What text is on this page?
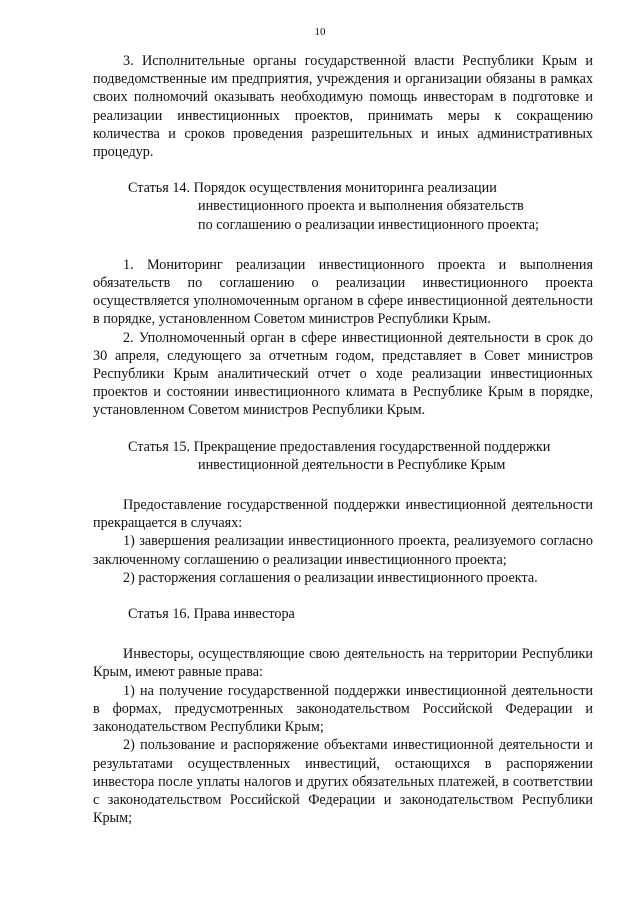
10

3. Исполнительные органы государственной власти Республики Крым и подведомственные им предприятия, учреждения и организации обязаны в рамках своих полномочий оказывать необходимую помощь инвесторам в подготовке и реализации инвестиционных проектов, принимать меры к сокращению количества и сроков проведения разрешительных и иных административных процедур.

Статья 14. Порядок осуществления мониторинга реализации

инвестиционного проекта и выполнения обязательств

по соглашению о реализации инвестиционного проекта;

1. Мониторинг реализации инвестиционного проекта и выполнения обязательств по соглашению о реализации инвестиционного проекта осуществляется уполномоченным органом в сфере инвестиционной деятельности в порядке, установленном Советом министров Республики Крым.

2. Уполномоченный орган в сфере инвестиционной деятельности в срок до 30 апреля, следующего за отчетным годом, представляет в Совет министров Республики Крым аналитический отчет о ходе реализации инвестиционных проектов и состоянии инвестиционного климата в Республике Крым в порядке, установленном Советом министров Республики Крым.

Статья 15. Прекращение предоставления государственной поддержки

инвестиционной деятельности в Республике Крым

Предоставление государственной поддержки инвестиционной деятельности прекращается в случаях:

1) завершения реализации инвестиционного проекта, реализуемого согласно заключенному соглашению о реализации инвестиционного проекта;

2) расторжения соглашения о реализации инвестиционного проекта.

Статья 16. Права инвестора

Инвесторы, осуществляющие свою деятельность на территории Республики Крым, имеют равные права:

1) на получение государственной поддержки инвестиционной деятельности в формах, предусмотренных законодательством Российской Федерации и законодательством Республики Крым;

2) пользование и распоряжение объектами инвестиционной деятельности и результатами осуществленных инвестиций, остающихся в распоряжении инвестора после уплаты налогов и других обязательных платежей, в соответствии с законодательством Российской Федерации и законодательством Республики Крым;
